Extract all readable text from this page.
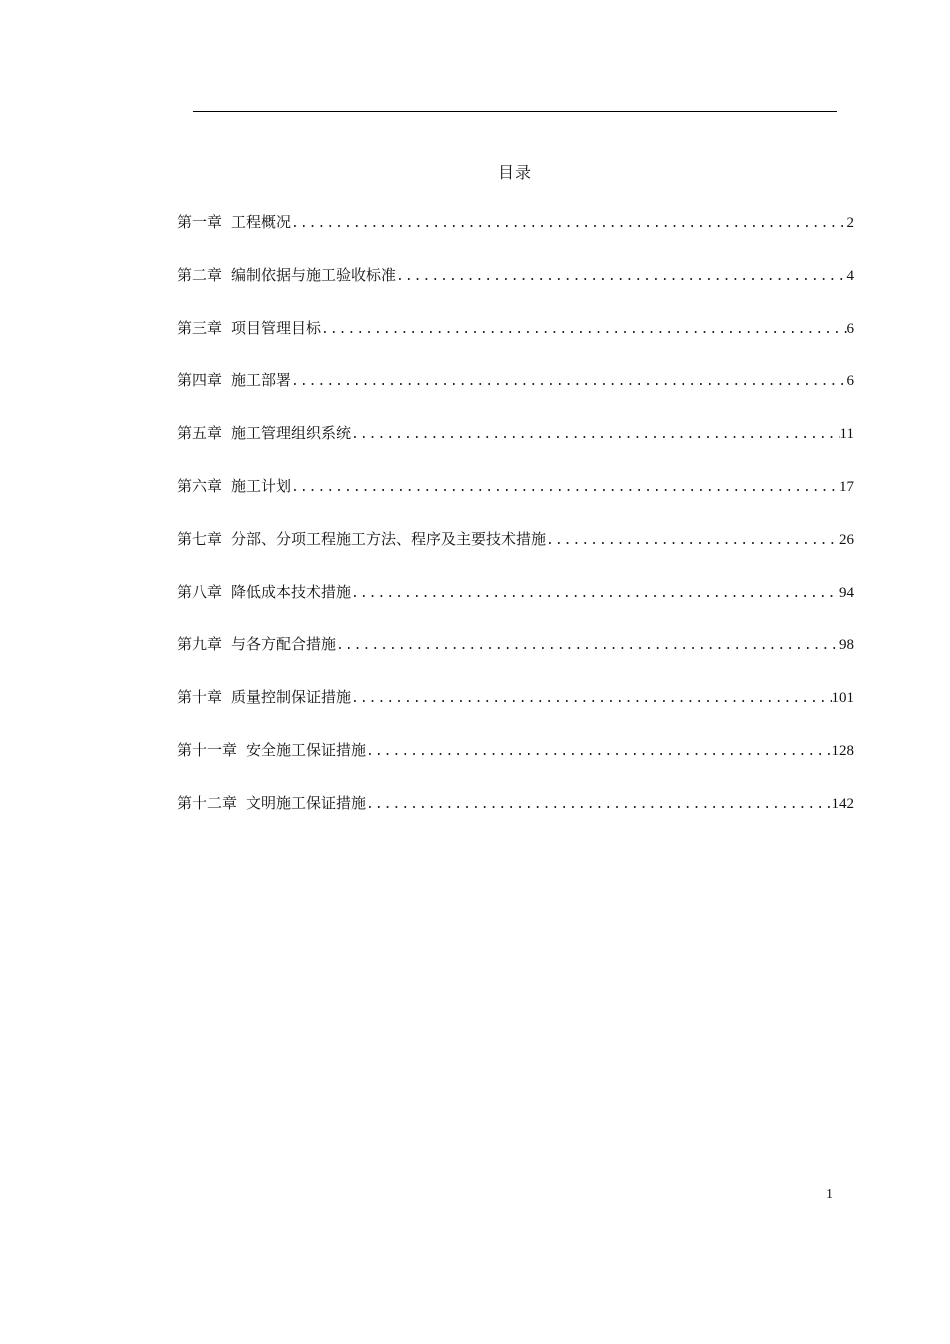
目录
第一章 工程概况 .....	2
第二章 编制依据与施工验收标准 .....	4
第三章 项目管理目标 .....	6
第四章 施工部署 .....	6
第五章 施工管理组织系统 .....	11
第六章 施工计划 .....	17
第七章 分部、分项工程施工方法、程序及主要技术措施 .....	26
第八章 降低成本技术措施 .....	94
第九章 与各方配合措施 .....	98
第十章 质量控制保证措施 .....	101
第十一章 安全施工保证措施 .....	128
第十二章 文明施工保证措施 .....	142
1
